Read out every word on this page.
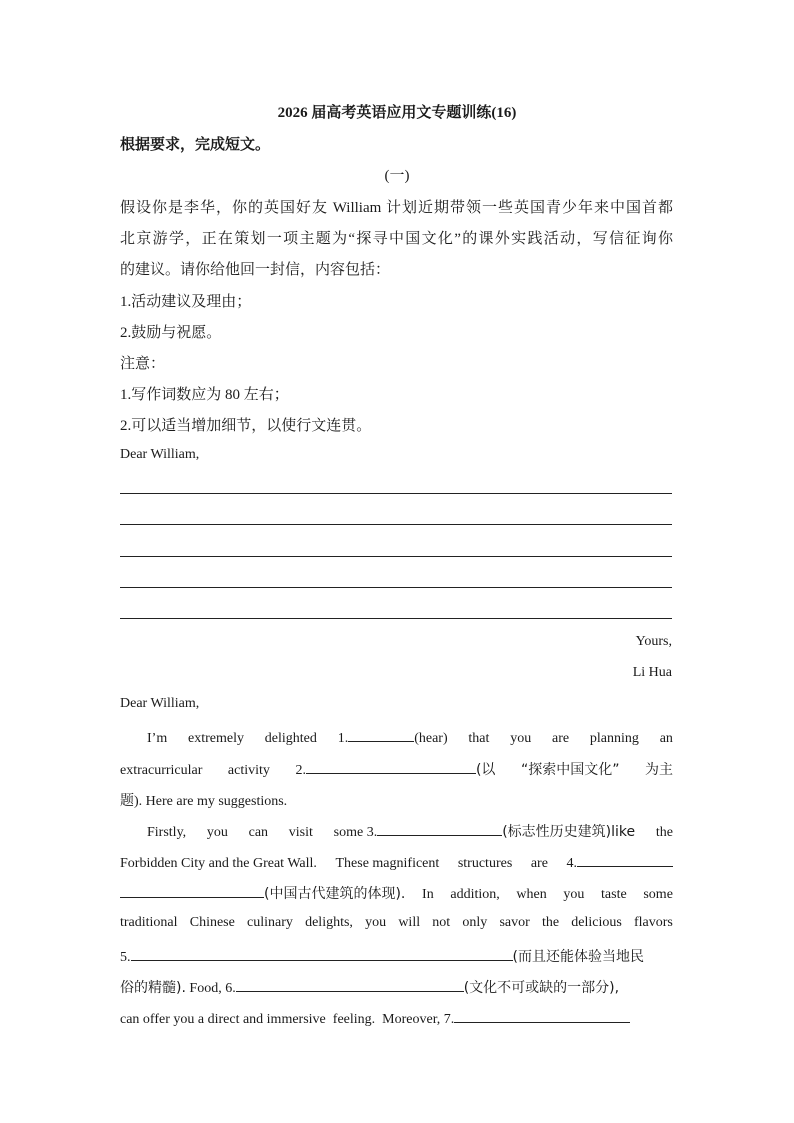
2026 届高考英语应用文专题训练(16)
根据要求，完成短文。
(一)
假设你是李华，你的英国好友 William 计划近期带领一些英国青少年来中国首都
北京游学，正在策划一项主题为“探寻中国文化”的课外实践活动，写信征询你
的建议。请你给他回一封信，内容包括：
1.活动建议及理由；
2.鼓励与祝愿。
注意：
1.写作词数应为 80 左右；
2.可以适当增加细节，以使行文连贯。
Dear William,
Yours,
Li Hua
Dear William,
I’m extremely delighted 1.	(hear) that you are planning an
extracurricular activity 2.	(以 “探索中国文化” 为主
题). Here are my suggestions.
Firstly, you can visit some 3.	(标志性历史建筑)like the
Forbidden City and the Great Wall. These magnificent structures are 4.
(中国古代建筑的体现). In addition, when you taste some
traditional Chinese culinary delights, you will not only savor the delicious flavors
5.	(而且还能体验当地民
俗的精髓).
Food, 6.	(文化不可或缺的一部分),
can offer you a direct and immersive
feeling.
Moreover, 7.
